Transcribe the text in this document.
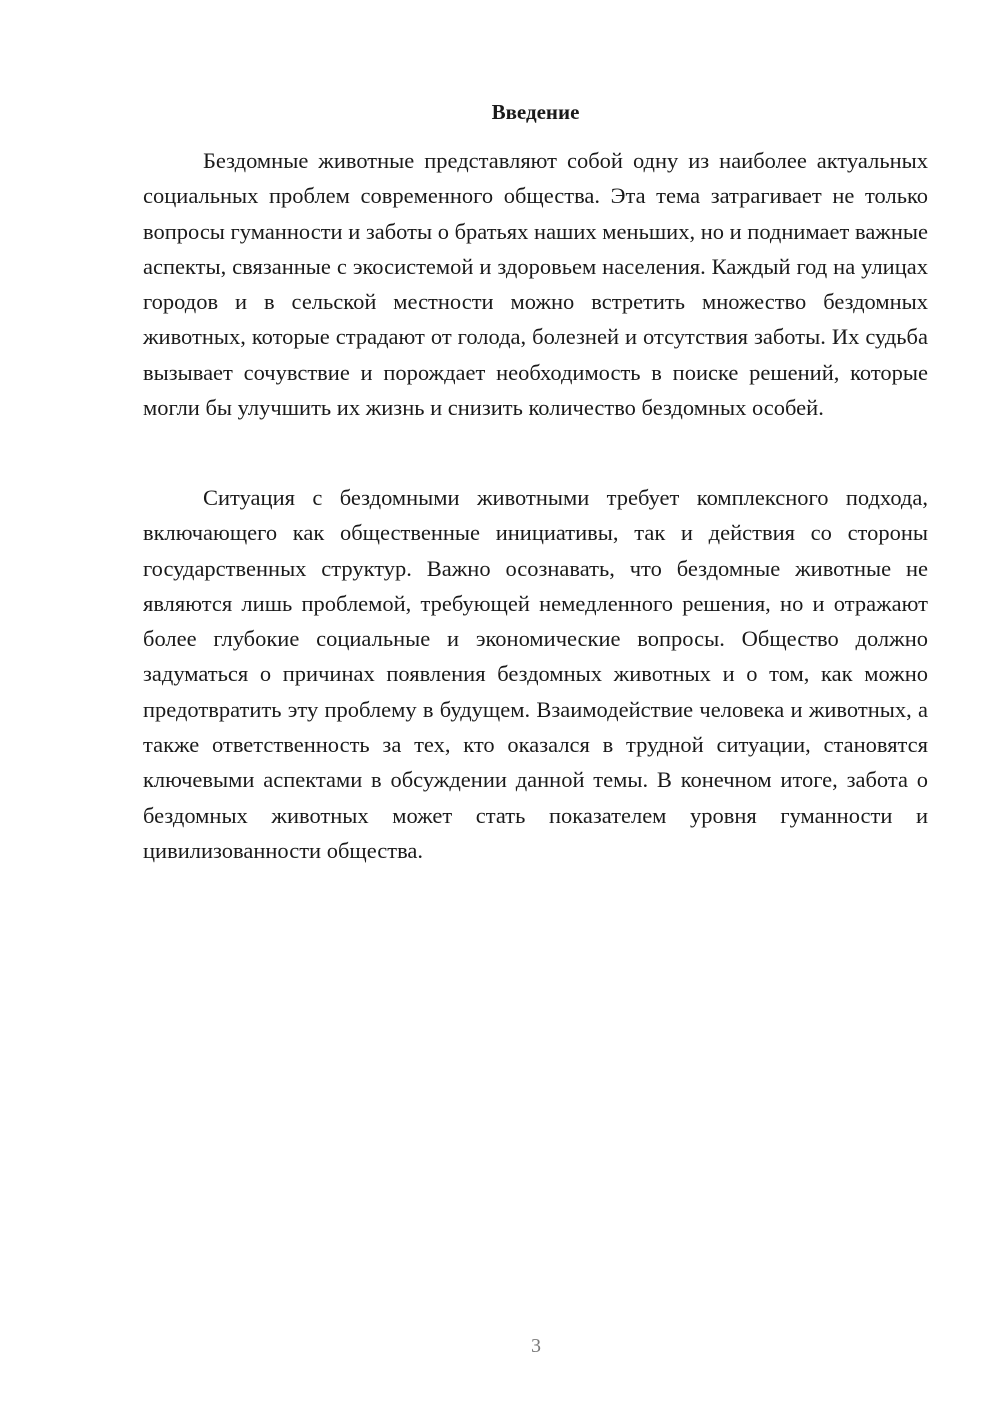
Введение

Бездомные животные представляют собой одну из наиболее актуальных социальных проблем современного общества. Эта тема затрагивает не только вопросы гуманности и заботы о братьях наших меньших, но и поднимает важные аспекты, связанные с экосистемой и здоровьем населения. Каждый год на улицах городов и в сельской местности можно встретить множество бездомных животных, которые страдают от голода, болезней и отсутствия заботы. Их судьба вызывает сочувствие и порождает необходимость в поиске решений, которые могли бы улучшить их жизнь и снизить количество бездомных особей.

Ситуация с бездомными животными требует комплексного подхода, включающего как общественные инициативы, так и действия со стороны государственных структур. Важно осознавать, что бездомные животные не являются лишь проблемой, требующей немедленного решения, но и отражают более глубокие социальные и экономические вопросы. Общество должно задуматься о причинах появления бездомных животных и о том, как можно предотвратить эту проблему в будущем. Взаимодействие человека и животных, а также ответственность за тех, кто оказался в трудной ситуации, становятся ключевыми аспектами в обсуждении данной темы. В конечном итоге, забота о бездомных животных может стать показателем уровня гуманности и цивилизованности общества.

3
